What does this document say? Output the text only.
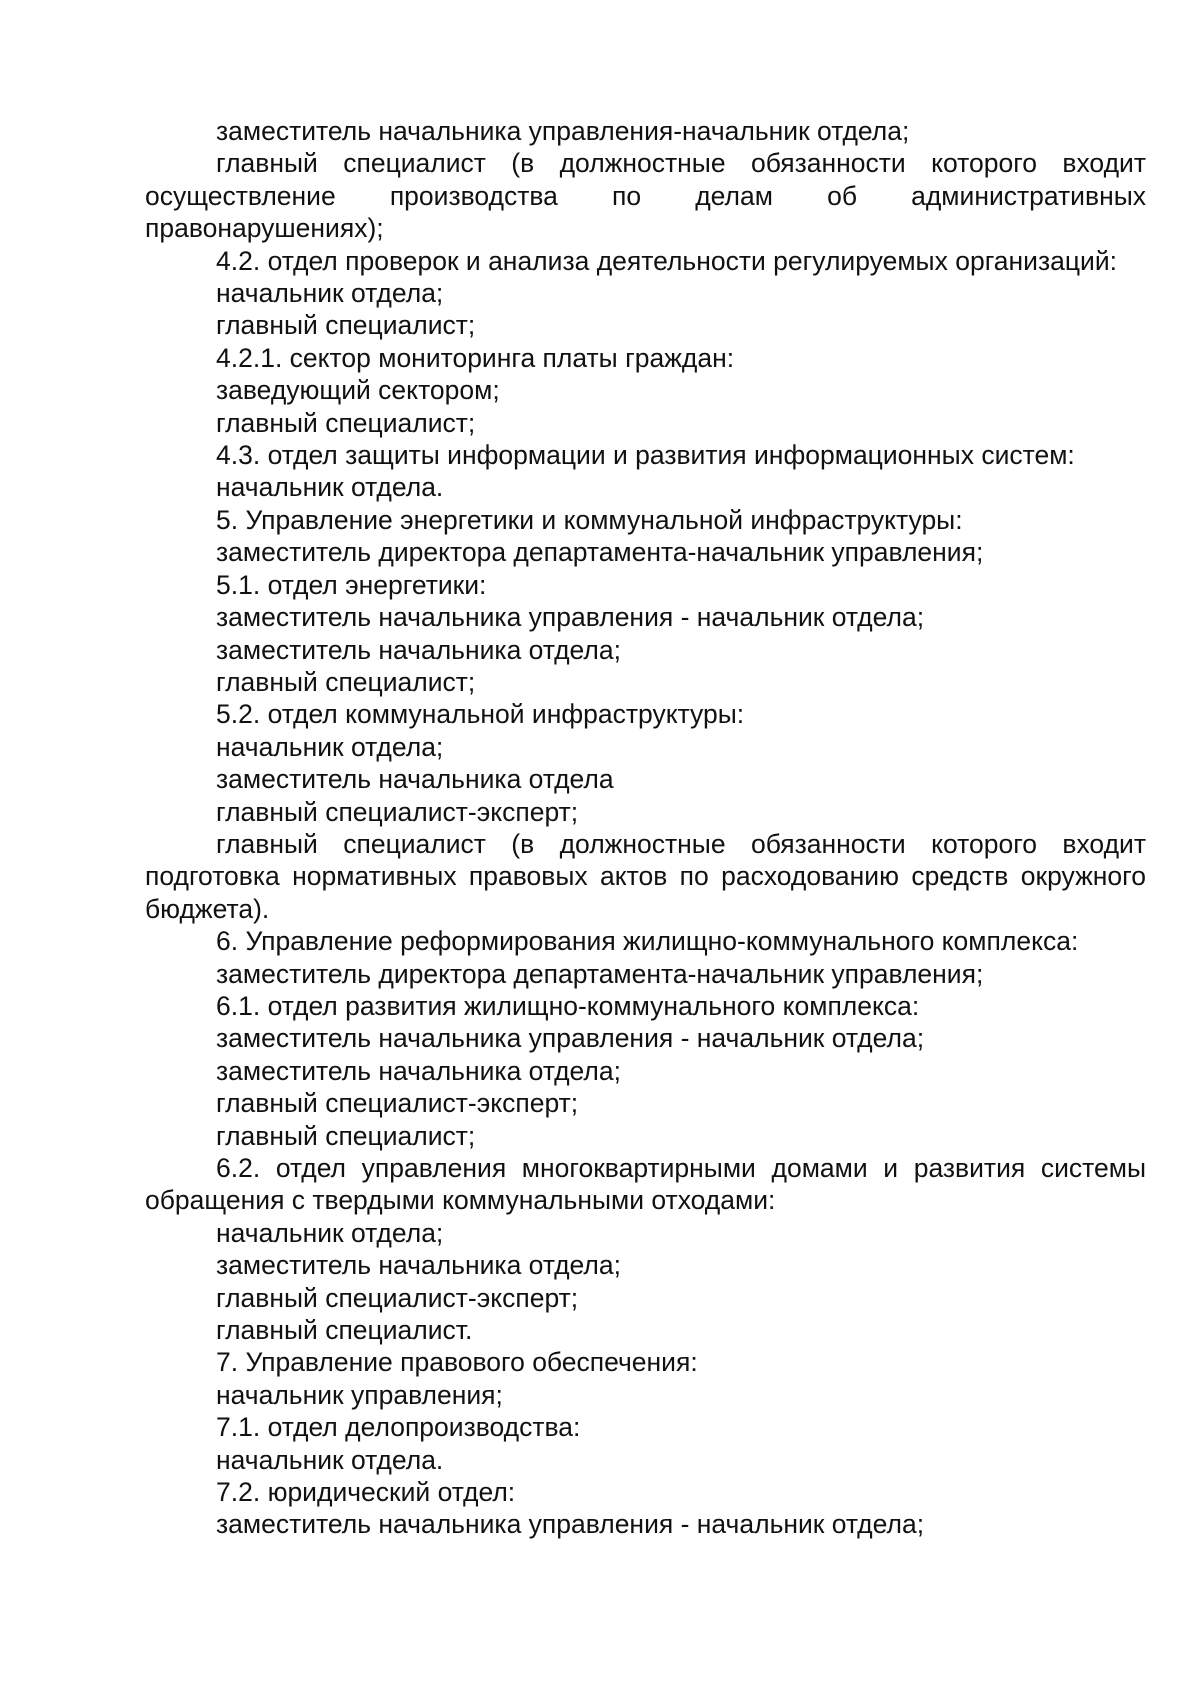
заместитель начальника управления-начальник отдела;

главный специалист (в должностные обязанности которого входит осуществление производства по делам об административных правонарушениях);

4.2. отдел проверок и анализа деятельности регулируемых организаций:

начальник отдела;

главный специалист;

4.2.1. сектор мониторинга платы граждан:

заведующий сектором;

главный специалист;

4.3. отдел защиты информации и развития информационных систем:

начальник отдела.

5. Управление энергетики и коммунальной инфраструктуры:

заместитель директора департамента-начальник управления;

5.1. отдел энергетики:

заместитель начальника управления - начальник отдела;

заместитель начальника отдела;

главный специалист;

5.2. отдел коммунальной инфраструктуры:

начальник отдела;

заместитель начальника отдела

главный специалист-эксперт;

главный специалист (в должностные обязанности которого входит подготовка нормативных правовых актов по расходованию средств окружного бюджета).

6. Управление реформирования жилищно-коммунального комплекса:

заместитель директора департамента-начальник управления;

6.1. отдел развития жилищно-коммунального комплекса:

заместитель начальника управления - начальник отдела;

заместитель начальника отдела;

главный специалист-эксперт;

главный специалист;

6.2. отдел управления многоквартирными домами и развития системы обращения с твердыми коммунальными отходами:

начальник отдела;

заместитель начальника отдела;

главный специалист-эксперт;

главный специалист.

7. Управление правового обеспечения:

начальник управления;

7.1. отдел делопроизводства:

начальник отдела.

7.2. юридический отдел:

заместитель начальника управления - начальник отдела;
